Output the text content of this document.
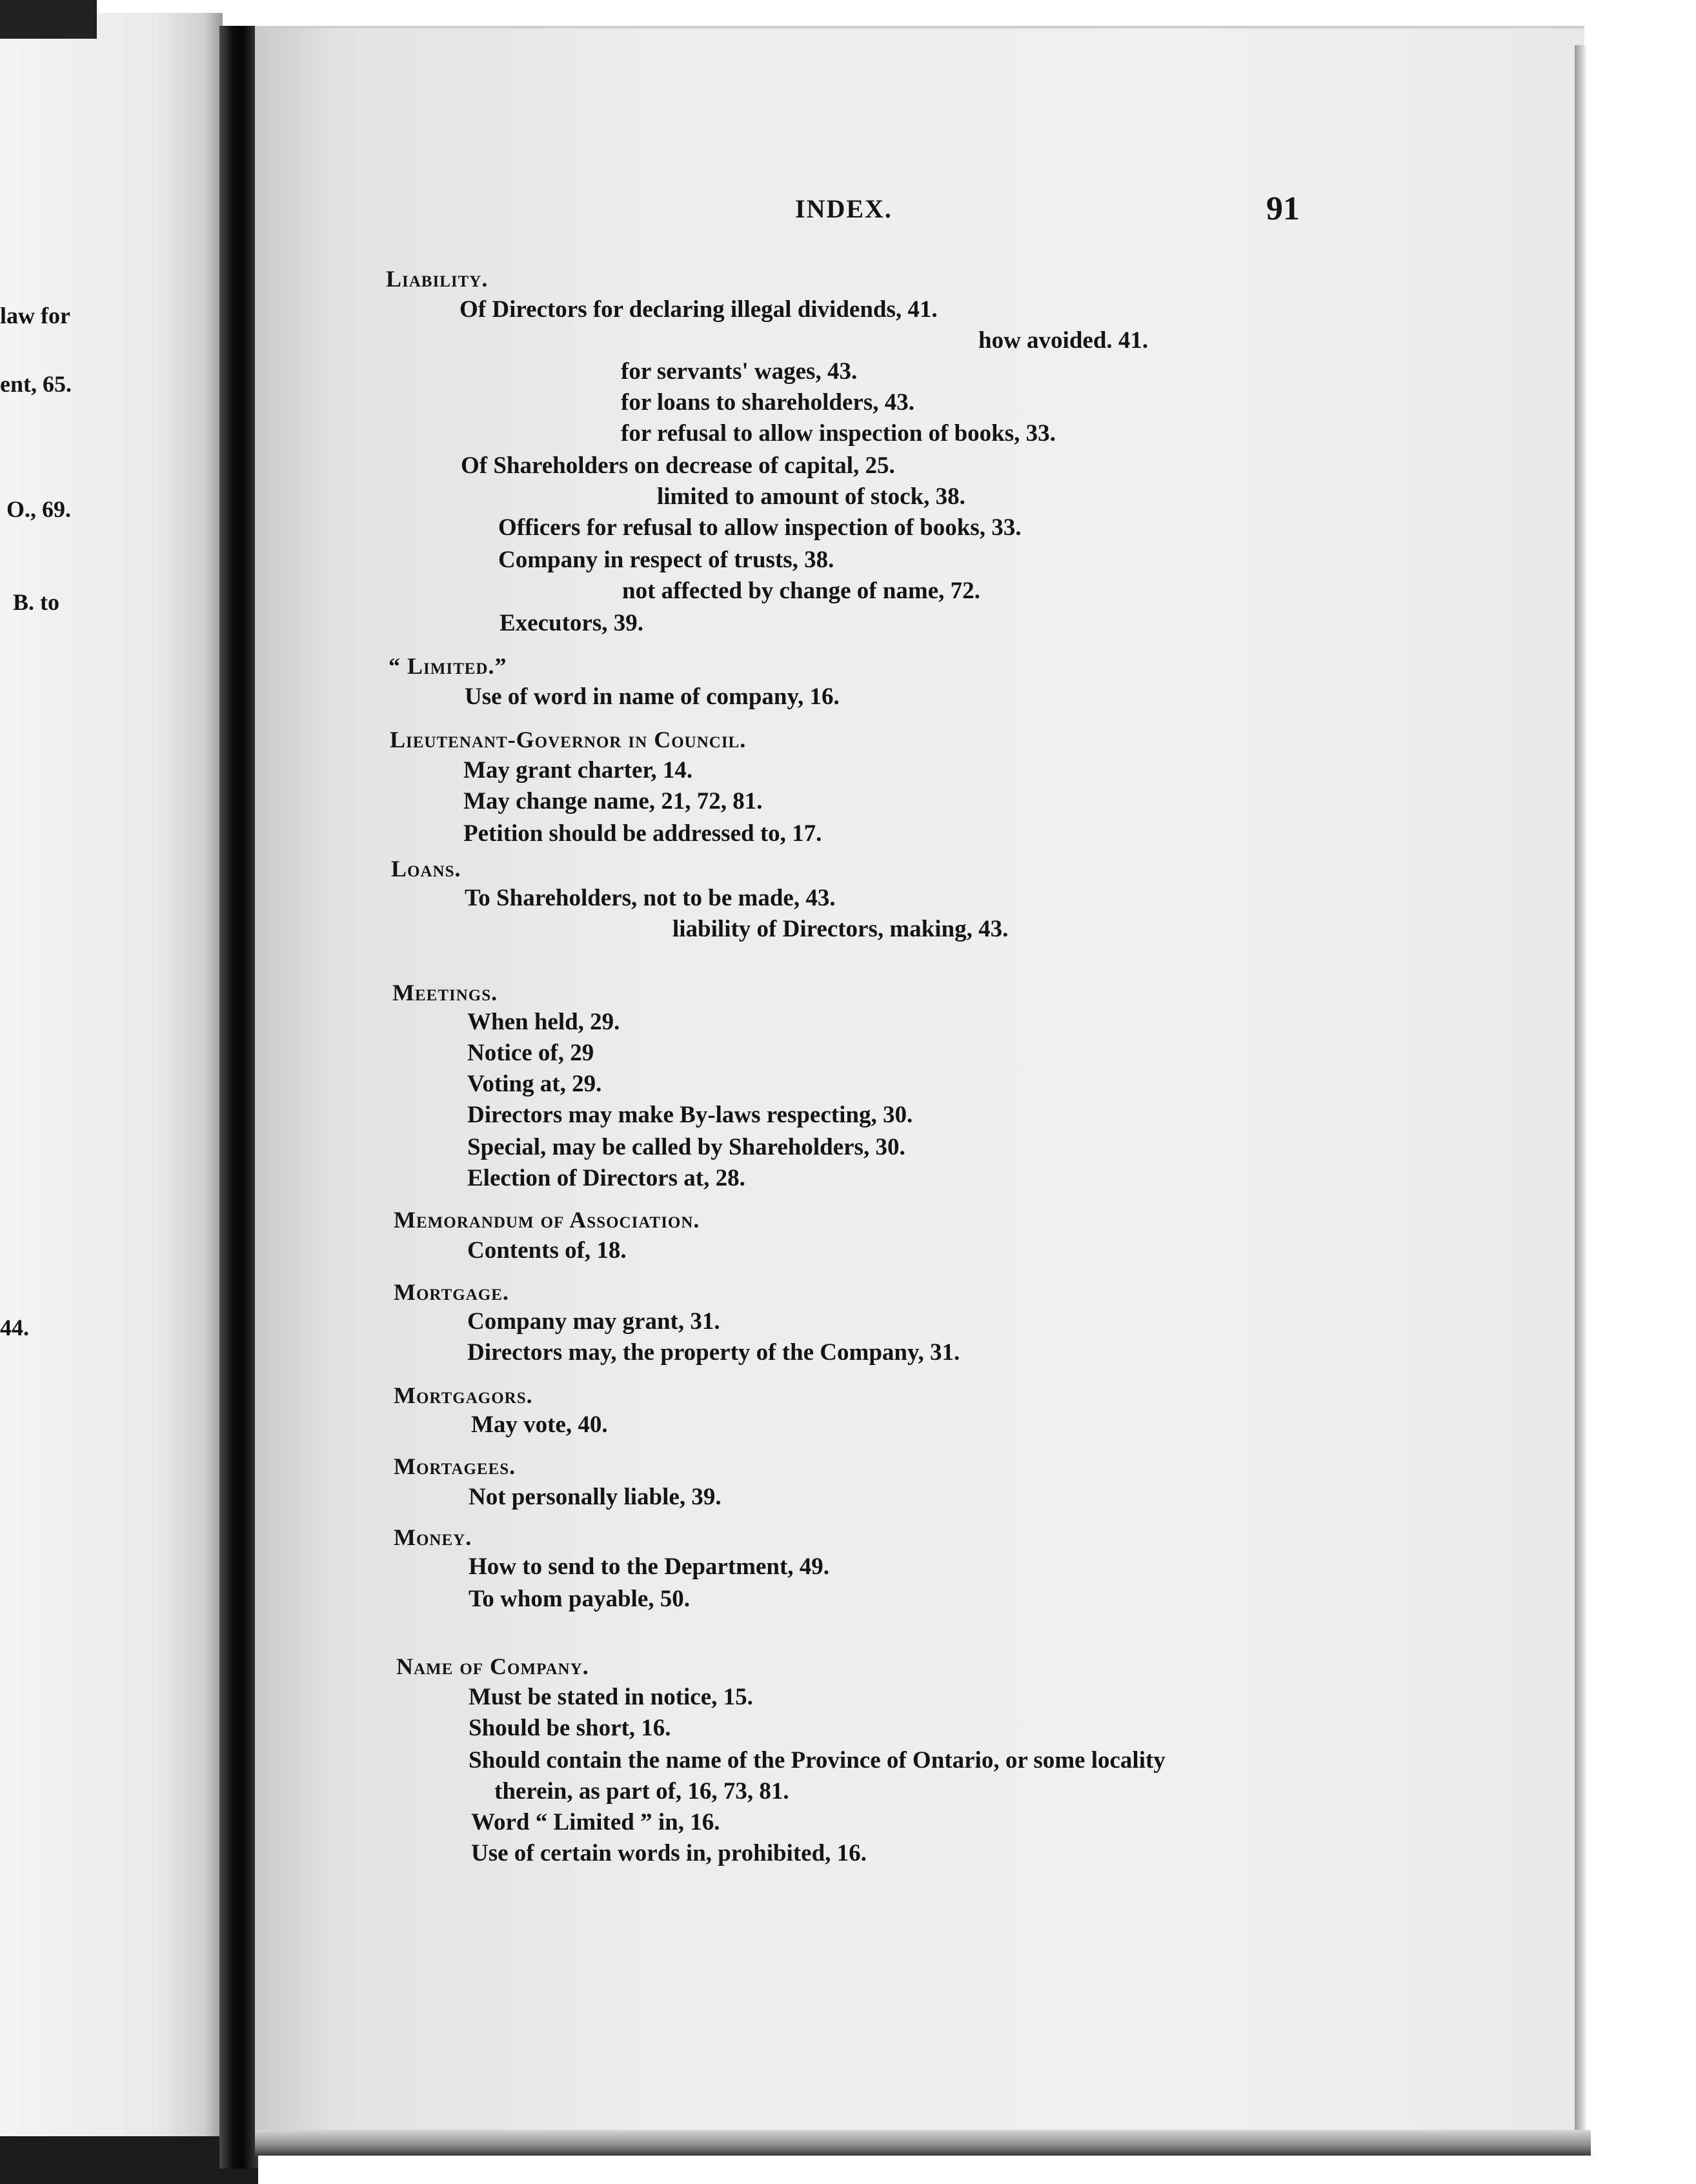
law for
ent, 65.
O., 69.
B. to
44.
INDEX.	91
Liability.
Of Directors for declaring illegal dividends, 41.
how avoided. 41.
for servants' wages, 43.
for loans to shareholders, 43.
for refusal to allow inspection of books, 33.
Of Shareholders on decrease of capital, 25.
limited to amount of stock, 38.
Officers for refusal to allow inspection of books, 33.
Company in respect of trusts, 38.
not affected by change of name, 72.
Executors, 39.
“ Limited.”
Use of word in name of company, 16.
Lieutenant-Governor in Council.
May grant charter, 14.
May change name, 21, 72, 81.
Petition should be addressed to, 17.
Loans.
To Shareholders, not to be made, 43.
liability of Directors, making, 43.
Meetings.
When held, 29.
Notice of, 29
Voting at, 29.
Directors may make By-laws respecting, 30.
Special, may be called by Shareholders, 30.
Election of Directors at, 28.
Memorandum of Association.
Contents of, 18.
Mortgage.
Company may grant, 31.
Directors may, the property of the Company, 31.
Mortgagors.
May vote, 40.
Mortagees.
Not personally liable, 39.
Money.
How to send to the Department, 49.
To whom payable, 50.
Name of Company.
Must be stated in notice, 15.
Should be short, 16.
Should contain the name of the Province of Ontario, or some locality
therein, as part of, 16, 73, 81.
Word “ Limited ” in, 16.
Use of certain words in, prohibited, 16.
